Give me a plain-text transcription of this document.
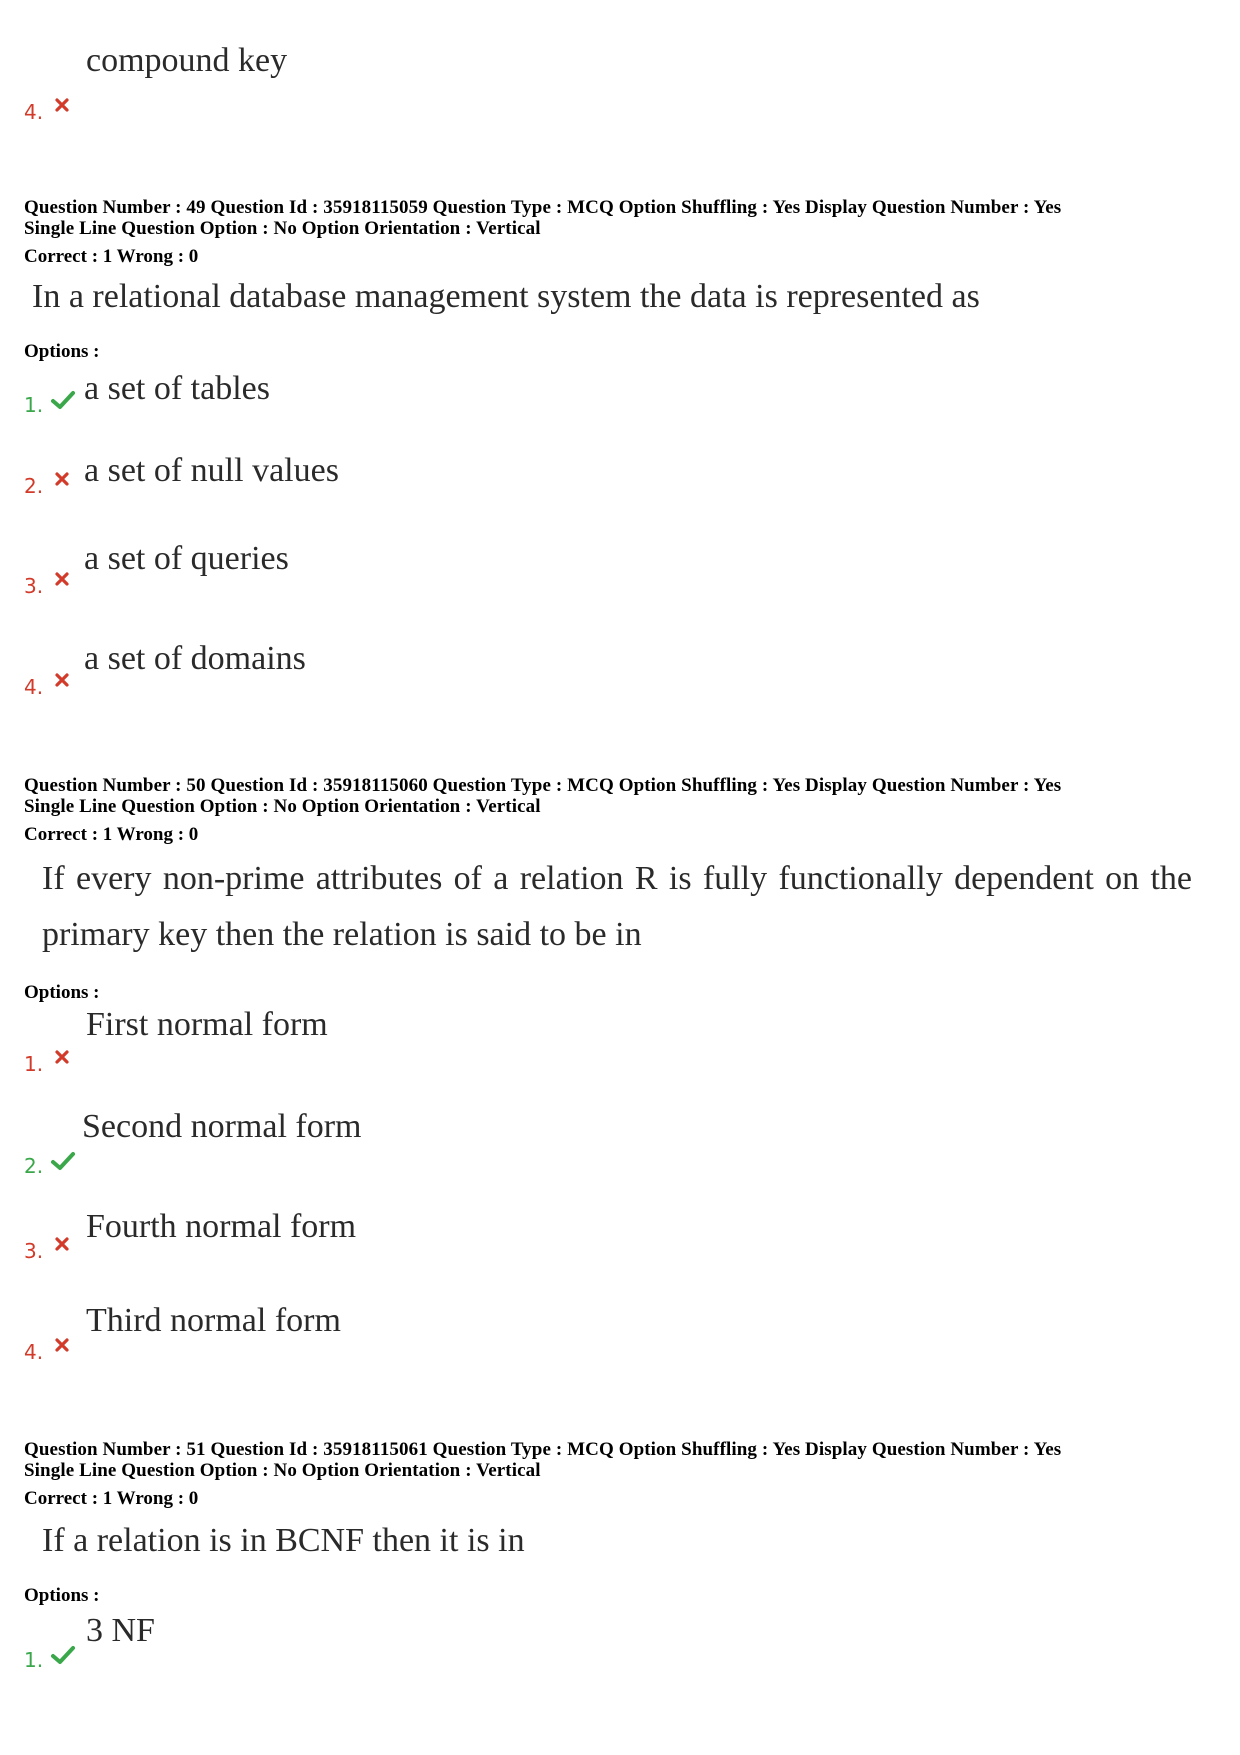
compound key
4.
Question Number : 49 Question Id : 35918115059 Question Type : MCQ Option Shuffling : Yes Display Question Number : Yes
Single Line Question Option : No Option Orientation : Vertical
Correct : 1 Wrong : 0
In a relational database management system the data is represented as
Options :
1. a set of tables
2. a set of null values
3.
a set of queries
4.
a set of domains
Question Number : 50 Question Id : 35918115060 Question Type : MCQ Option Shuffling : Yes Display Question Number : Yes
Single Line Question Option : No Option Orientation : Vertical
Correct : 1 Wrong : 0
If every non-prime attributes of a relation R is fully functionally dependent on the
primary key then the relation is said to be in
Options :
1.
First normal form
2.
Second normal form
3.
Fourth normal form
4.
Third normal form
Question Number : 51 Question Id : 35918115061 Question Type : MCQ Option Shuffling : Yes Display Question Number : Yes
Single Line Question Option : No Option Orientation : Vertical
Correct : 1 Wrong : 0
If a relation is in BCNF then it is in
Options :
1.
3 NF
